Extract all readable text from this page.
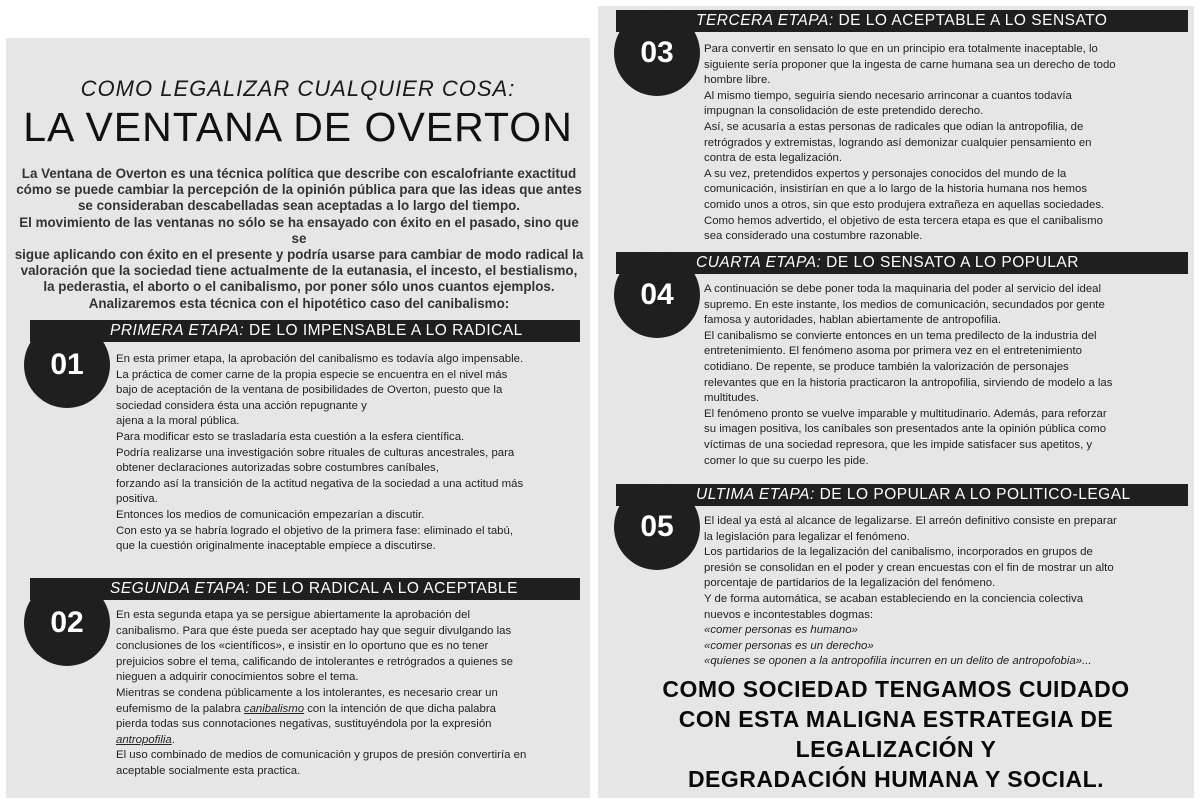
COMO LEGALIZAR CUALQUIER COSA:
LA VENTANA DE OVERTON

La Ventana de Overton es una técnica política que describe con escalofriante exactitud

cómo se puede cambiar la percepción de la opinión pública para que las ideas que antes

se consideraban descabelladas sean aceptadas a lo largo del tiempo.

El movimiento de las ventanas no sólo se ha ensayado con éxito en el pasado, sino que se

sigue aplicando con éxito en el presente y podría usarse para cambiar de modo radical la

valoración que la sociedad tiene actualmente de la eutanasia, el incesto, el bestialismo,

la pederastia, el aborto o el canibalismo, por poner sólo unos cuantos ejemplos.

Analizaremos esta técnica con el hipotético caso del canibalismo:

PRIMERA ETAPA: DE LO IMPENSABLE A LO RADICAL
01	En esta primer etapa, la aprobación del canibalismo es todavía algo impensable.

La práctica de comer carne de la propia especie se encuentra en el nivel más

bajo de aceptación de la ventana de posibilidades de Overton, puesto que la

sociedad considera ésta una acción repugnante y

ajena a la moral pública.

Para modificar esto se trasladaría esta cuestión a la esfera científica.

Podría realizarse una investigación sobre rituales de culturas ancestrales, para

obtener declaraciones autorizadas sobre costumbres caníbales,

forzando así la transición de la actitud negativa de la sociedad a una actitud más

positiva.

Entonces los medios de comunicación empezarían a discutir.

Con esto ya se habría logrado el objetivo de la primera fase: eliminado el tabú,

que la cuestión originalmente inaceptable empiece a discutirse.

SEGUNDA ETAPA: DE LO RADICAL A LO ACEPTABLE
02	En esta segunda etapa ya se persigue abiertamente la aprobación del

canibalismo. Para que éste pueda ser aceptado hay que seguir divulgando las

conclusiones de los «científicos», e insistir en lo oportuno que es no tener

prejuicios sobre el tema, calificando de intolerantes e retrógrados a quienes se

nieguen a adquirir conocimientos sobre el tema.

Mientras se condena públicamente a los intolerantes, es necesario crear un

eufemismo de la palabra canibalismo con la intención de que dicha palabra

pierda todas sus connotaciones negativas, sustituyéndola por la expresión

antropofilia.

El uso combinado de medios de comunicación y grupos de presión convertiría en

aceptable socialmente esta practica.

TERCERA ETAPA: DE LO ACEPTABLE A LO SENSATO
03	Para convertir en sensato lo que en un principio era totalmente inaceptable, lo

siguiente sería proponer que la ingesta de carne humana sea un derecho de todo

hombre libre.

Al mismo tiempo, seguiría siendo necesario arrinconar a cuantos todavía

impugnan la consolidación de este pretendido derecho.

Así, se acusaría a estas personas de radicales que odian la antropofilia, de

retrógrados y extremistas, logrando así demonizar cualquier pensamiento en

contra de esta legalización.

A su vez, pretendidos expertos y personajes conocidos del mundo de la

comunicación, insistirían en que a lo largo de la historia humana nos hemos

comido unos a otros, sin que esto produjera extrañeza en aquellas sociedades.

Como hemos advertido, el objetivo de esta tercera etapa es que el canibalismo

sea considerado una costumbre razonable.

CUARTA ETAPA: DE LO SENSATO A LO POPULAR
04	A continuación se debe poner toda la maquinaria del poder al servicio del ideal

supremo. En este instante, los medios de comunicación, secundados por gente

famosa y autoridades, hablan abiertamente de antropofilia.

El canibalismo se convierte entonces en un tema predilecto de la industria del

entretenimiento. El fenómeno asoma por primera vez en el entretenimiento

cotidiano. De repente, se produce también la valorización de personajes

relevantes que en la historia practicaron la antropofilia, sirviendo de modelo a las

multitudes.

El fenómeno pronto se vuelve imparable y multitudinario. Además, para reforzar

su imagen positiva, los caníbales son presentados ante la opinión pública como

víctimas de una sociedad represora, que les impide satisfacer sus apetitos, y

comer lo que su cuerpo les pide.

ULTIMA ETAPA: DE LO POPULAR A LO POLITICO-LEGAL
05	El ideal ya está al alcance de legalizarse. El arreón definitivo consiste en preparar

la legislación para legalizar el fenómeno.

Los partidarios de la legalización del canibalismo, incorporados en grupos de

presión se consolidan en el poder y crean encuestas con el fin de mostrar un alto

porcentaje de partidarios de la legalización del fenómeno.

Y de forma automática, se acaban estableciendo en la conciencia colectiva

nuevos e incontestables dogmas:

«comer personas es humano»

«comer personas es un derecho»

«quienes se oponen a la antropofilia incurren en un delito de antropofobia»...

COMO SOCIEDAD TENGAMOS CUIDADO
CON ESTA MALIGNA ESTRATEGIA DE
LEGALIZACIÓN Y
DEGRADACIÓN HUMANA Y SOCIAL.
